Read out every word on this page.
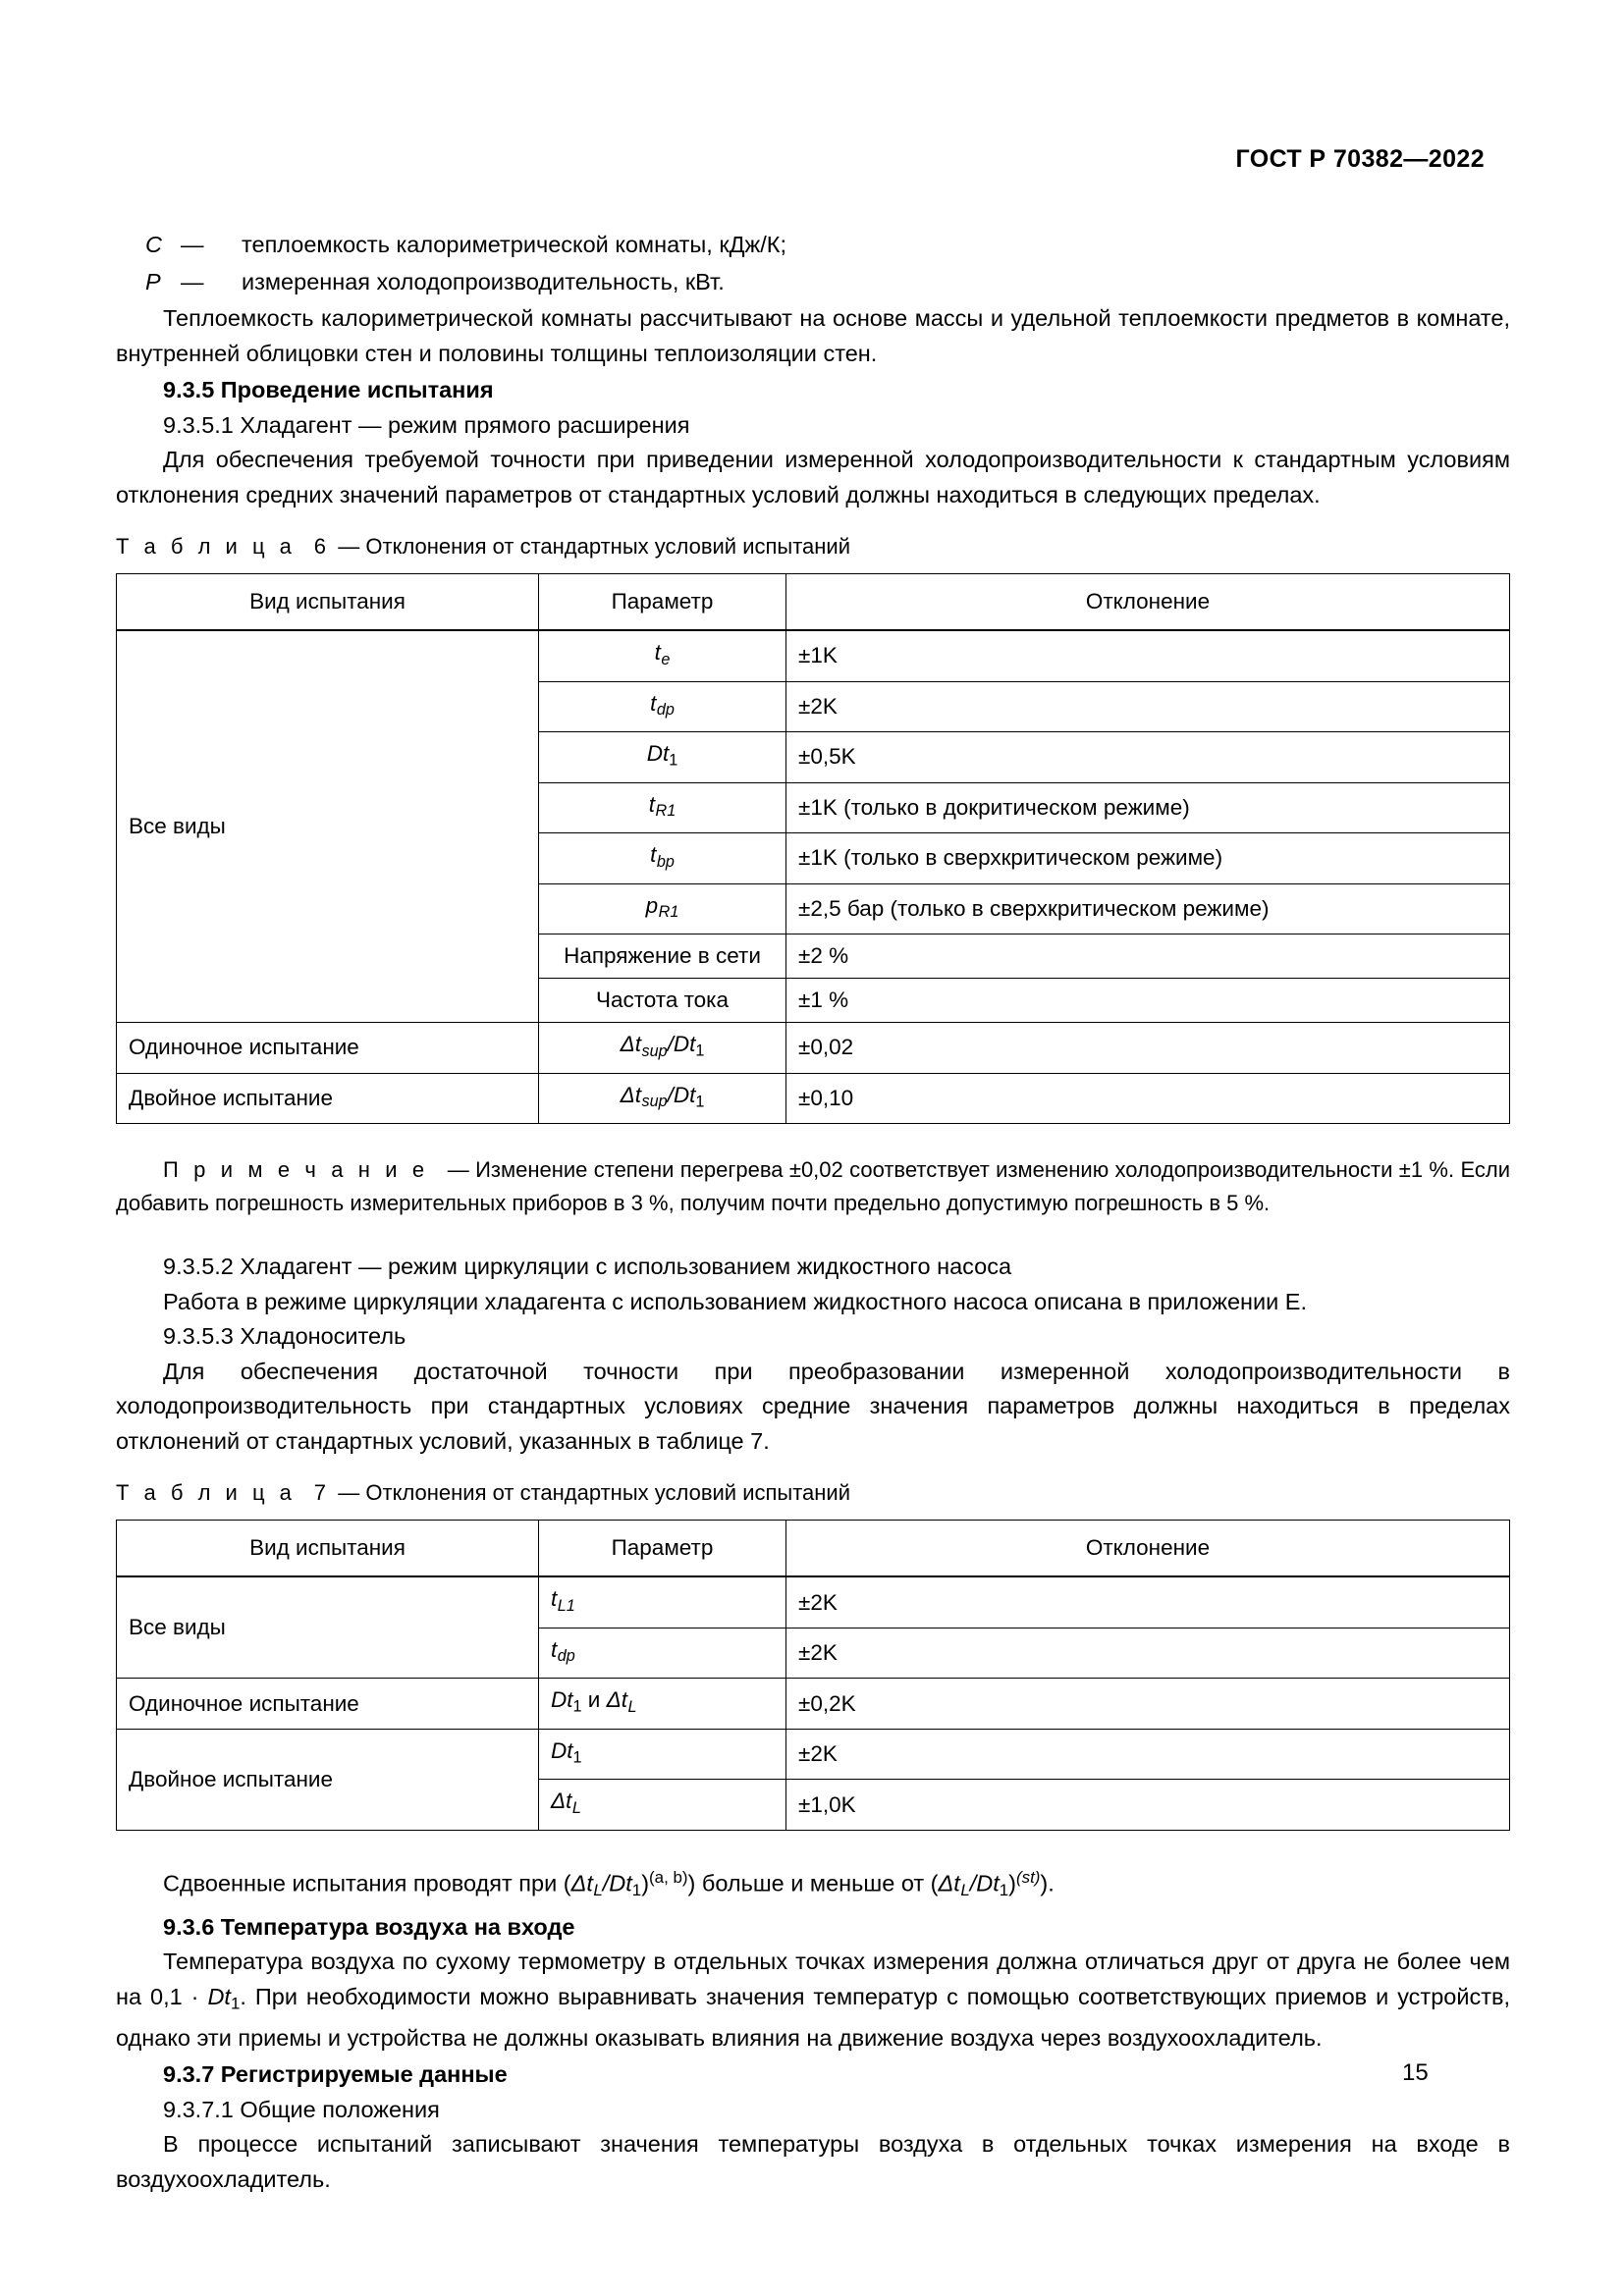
ГОСТ Р 70382—2022
C —	теплоемкость калориметрической комнаты, кДж/К;
P —	измеренная холодопроизводительность, кВт.

Теплоемкость калориметрической комнаты рассчитывают на основе массы и удельной теплоемкости предметов в комнате, внутренней облицовки стен и половины толщины теплоизоляции стен.

9.3.5 Проведение испытания

9.3.5.1 Хладагент — режим прямого расширения

Для обеспечения требуемой точности при приведении измеренной холодопроизводительности к стандартным условиям отклонения средних значений параметров от стандартных условий должны находиться в следующих пределах.

Т а б л и ц а 6 — Отклонения от стандартных условий испытаний

Вид испытания	Параметр	Отклонение
Все виды	$t_e$	±1K
	$t_{dp}$	±2K
	$Dt_1$	±0,5K
	$t_{R1}$	±1K (только в докритическом режиме)
	$t_{bp}$	±1K (только в сверхкритическом режиме)
	$p_{R1}$	±2,5 бар (только в сверхкритическом режиме)
	Напряжение в сети	±2 %
	Частота тока	±1 %
Одиночное испытание	$\Delta t_{sup}/Dt_1$	±0,02
Двойное испытание	$\Delta t_{sup}/Dt_1$	±0,10

П р и м е ч а н и е — Изменение степени перегрева ±0,02 соответствует изменению холодопроизводительности ±1 %. Если добавить погрешность измерительных приборов в 3 %, получим почти предельно допустимую погрешность в 5 %.

9.3.5.2 Хладагент — режим циркуляции с использованием жидкостного насоса

Работа в режиме циркуляции хладагента с использованием жидкостного насоса описана в приложении Е.

9.3.5.3 Хладоноситель

Для обеспечения достаточной точности при преобразовании измеренной холодопроизводительности в холодопроизводительность при стандартных условиях средние значения параметров должны находиться в пределах отклонений от стандартных условий, указанных в таблице 7.

Т а б л и ц а 7 — Отклонения от стандартных условий испытаний

Вид испытания	Параметр	Отклонение
Все виды	$t_{L1}$	±2K
	$t_{dp}$	±2K
Одиночное испытание	$Dt_1$ и $\Delta t_L$	±0,2K
Двойное испытание	$Dt_1$	±2K
	$\Delta t_L$	±1,0K

Сдвоенные испытания проводят при $(\Delta t_L/Dt_1)^{(a, b)}$) больше и меньше от $(\Delta t_L/Dt_1)^{(st)}$).

9.3.6 Температура воздуха на входе

Температура воздуха по сухому термометру в отдельных точках измерения должна отличаться друг от друга не более чем на $0,1 \cdot Dt_1$. При необходимости можно выравнивать значения температур с помощью соответствующих приемов и устройств, однако эти приемы и устройства не должны оказывать влияния на движение воздуха через воздухоохладитель.

9.3.7 Регистрируемые данные

9.3.7.1 Общие положения

В процессе испытаний записывают значения температуры воздуха в отдельных точках измерения на входе в воздухоохладитель.

15
